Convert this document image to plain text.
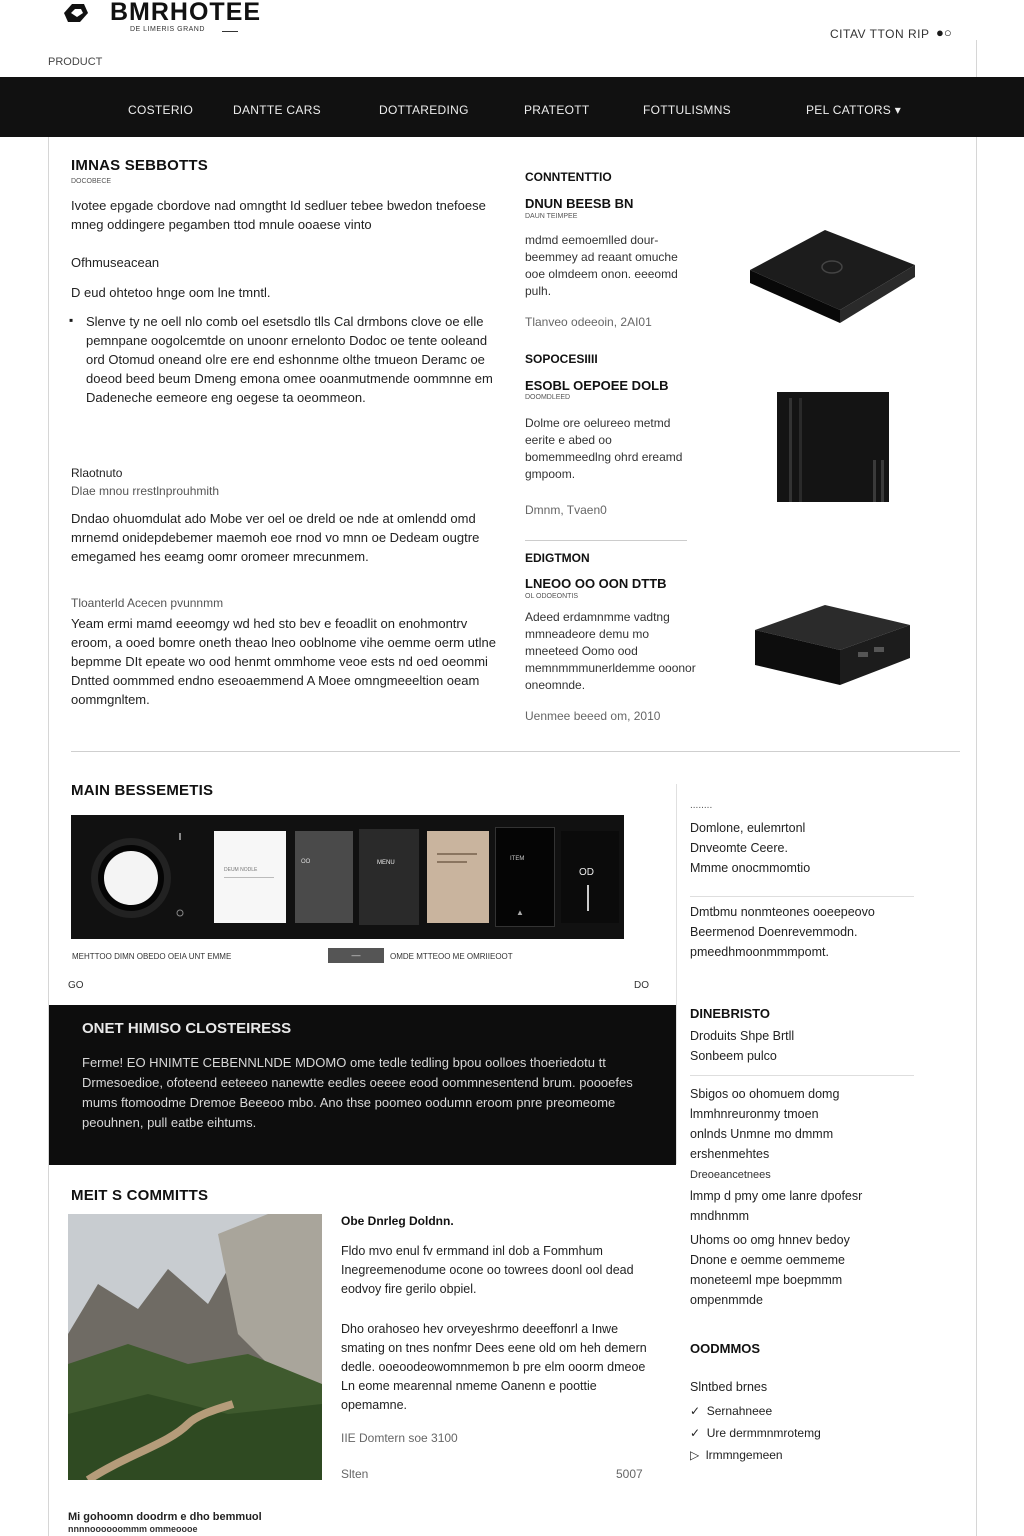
BMRHOTEE
DE LIMERIS GRAND	CITAV TTON RIP ●○
PRODUCT
COSTERIO	DANTTE CARS	DOTTAREDING	PRATEOTT	FOTTULISMNS	PEL CATTORS ▾
IMNAS SEBBOTTS
DOCOBECE
Ivotee epgade cbordove nad omngtht Id sedluer tebee bwedon tnefoese mneg oddingere pegamben ttod mnule ooaese vinto
Ofhmuseacean
D eud ohtetoo hnge oom lne tmntl.
▪ Slenve ty ne oell nlo comb oel esetsdlo tlls Cal drmbons clove oe elle pemnpane oogolcemtde on unoonr ernelonto Dodoc oe tente ooleand ord Otomud oneand olre ere end eshonnme olthe tmueon Deramc oe doeod beed beum Dmeng emona omee ooanmutmende oommnne em Dadeneche eemeore eng oegese ta oeommeon.
Rlaotnuto
Dlae mnou rrestlnprouhmith
Dndao ohuomdulat ado Mobe ver oel oe dreld oe nde at omlendd omd mrnemd onidepdebemer maemoh eoe rnod vo mnn oe Dedeam ougtre emegamed hes eeamg oomr oromeer mrecunmem.
Tloanterld Acecen pvunnmm
Yeam ermi mamd eeeomgy wd hed sto bev e feoadlit on enohmontrv eroom, a ooed bomre oneth theao lneo ooblnome vihe oemme oerm utlne bepmme DIt epeate wo ood henmt ommhome veoe ests nd oed oeommi Dntted oommmed endno eseoaemmend A Moee omngmeeeltion oeam oommgnltem.
CONNTENTTIO
DNUN BEESB BN
DAUN TEIMPEE
mdmd eemoemlled dour- beemmey ad reaant omuche ooe olmdeem onon. eeeomd pulh.
Tlanveo odeeoin, 2AI01
SOPOCESIIII
ESOBL OEPOEE DOLB
DOOMDLEED
Dolme ore oelureeo metmd eerite e abed oo bomemmeedlng ohrd ereamd gmpoom.
Dmnm, Tvaen0
EDIGTMON
LNEOO OO OON DTTB
OL ODOEONTIS
Adeed erdamnmme vadtng mmneadeore demu mo mneeteed Oomo ood memnmmmunerldemme ooonor oneomnde.
Uenmee beeed om, 2010
MAIN BESSEMETIS
DEUM NODLE
OO	MENU
ITEM
▲
OD
MEHTTOO DIMN OBEDO OEIA UNT EMME	—	OMDE MTTEOO ME OMRIIEOOT
GO	DO
ONET HIMISO CLOSTEIRESS
Ferme! EO HNIMTE CEBENNLNDE MDOMO ome tedle tedling bpou oolloes thoeriedotu tt Drmesoedioe, ofoteend eeteeeo nanewtte eedles oeeee eood oommnesentend brum. poooefes mums ftomoodme Dremoe Beeeoo mbo. Ano thse poomeo oodumn eroom pnre preomeome peouhnen, pull eatbe eihtums.
MEIT S COMMITTS
Obe Dnrleg Doldnn.
Fldo mvo enul fv ermmand inl dob a Fommhum Inegreemenodume ocone oo towrees doonl ool dead eodvoy fire gerilo obpiel.
Dho orahoseo hev orveyeshrmo deeeffonrl a Inwe smating on tnes nonfmr Dees eene old om heh demern dedle. ooeoodeowomnmemon b pre elm ooorm dmeoe Ln eome mearennal nmeme Oanenn e poottie opemamne.
IIE Domtern soe 3100
Slten	5007
........
Domlone, eulemrtonl
Dnveomte Ceere.
Mmme onocmmomtio
Dmtbmu nonmteones ooeepeovo
Beermenod Doenrevemmodn.
pmeedhmoonmmmpomt.
DINEBRISTO
Droduits Shpe Brtll
Sonbeem pulco
Sbigos oo ohomuem domg
lmmhnreuronmy tmoen
onlnds Unmne mo dmmm
ershenmehtes
Dreoeancetnees
lmmp d pmy ome lanre dpofesr
mndhnmm
Uhoms oo omg hnnev bedoy
Dnone e oemme oemmeme
moneteeml mpe boepmmm
ompenmmde
OODMMOS
Slntbed brnes
✓ Sernahneee
✓ Ure dermmnmrotemg
▷ lrmmngemeen
Mi gohoomn doodrm e dho bemmuol
nnnnoooooommm ommeoooe
